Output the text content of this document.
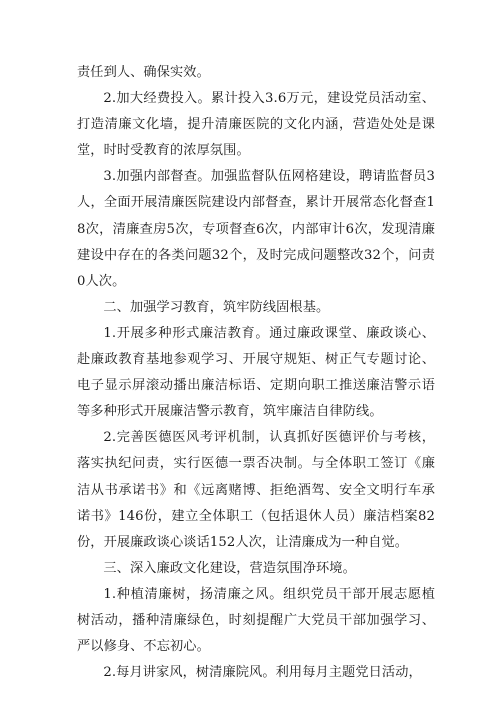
责任到人、确保实效。

2.加大经费投入。累计投入3.6万元，建设党员活动室、打造清廉文化墙，提升清廉医院的文化内涵，营造处处是课堂，时时受教育的浓厚氛围。

3.加强内部督查。加强监督队伍网格建设，聘请监督员3人，全面开展清廉医院建设内部督查，累计开展常态化督查18次，清廉查房5次，专项督查6次，内部审计6次，发现清廉建设中存在的各类问题32个，及时完成问题整改32个，问责0人次。

二、加强学习教育，筑牢防线固根基。

1.开展多种形式廉洁教育。通过廉政课堂、廉政谈心、赴廉政教育基地参观学习、开展守规矩、树正气专题讨论、电子显示屏滚动播出廉洁标语、定期向职工推送廉洁警示语等多种形式开展廉洁警示教育，筑牢廉洁自律防线。

2.完善医德医风考评机制，认真抓好医德评价与考核，落实执纪问责，实行医德一票否决制。与全体职工签订《廉洁从书承诺书》和《远离赌博、拒绝酒驾、安全文明行车承诺书》146份，建立全体职工（包括退休人员）廉洁档案82份，开展廉政谈心谈话152人次，让清廉成为一种自觉。

三、深入廉政文化建设，营造氛围净环境。

1.种植清廉树，扬清廉之风。组织党员干部开展志愿植树活动，播种清廉绿色，时刻提醒广大党员干部加强学习、严以修身、不忘初心。

2.每月讲家风，树清廉院风。利用每月主题党日活动，
